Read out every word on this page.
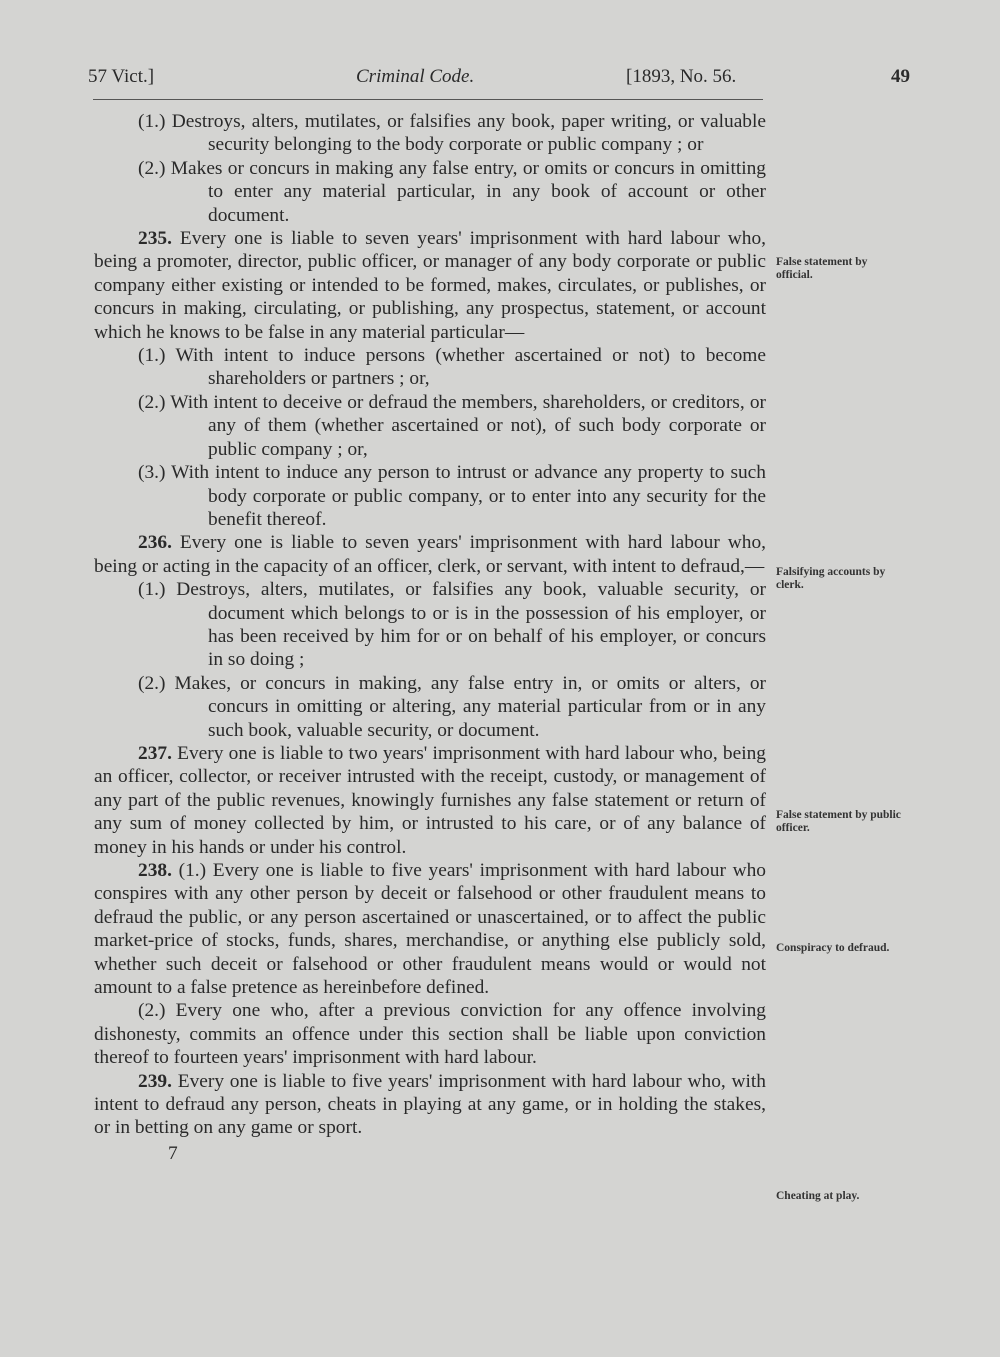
57 Vict.]	Criminal Code.	[1893, No. 56.	49

(1.) Destroys, alters, mutilates, or falsifies any book, paper writing, or valuable security belonging to the body corporate or public company ; or

(2.) Makes or concurs in making any false entry, or omits or concurs in omitting to enter any material particular, in any book of account or other document.

235. Every one is liable to seven years' imprisonment with hard labour who, being a promoter, director, public officer, or manager of any body corporate or public company either existing or intended to be formed, makes, circulates, or publishes, or concurs in making, circulating, or publishing, any prospectus, statement, or account which he knows to be false in any material particular—

(1.) With intent to induce persons (whether ascertained or not) to become shareholders or partners ; or,

(2.) With intent to deceive or defraud the members, shareholders, or creditors, or any of them (whether ascertained or not), of such body corporate or public company ; or,

(3.) With intent to induce any person to intrust or advance any property to such body corporate or public company, or to enter into any security for the benefit thereof.

236. Every one is liable to seven years' imprisonment with hard labour who, being or acting in the capacity of an officer, clerk, or servant, with intent to defraud,—

(1.) Destroys, alters, mutilates, or falsifies any book, valuable security, or document which belongs to or is in the possession of his employer, or has been received by him for or on behalf of his employer, or concurs in so doing ;

(2.) Makes, or concurs in making, any false entry in, or omits or alters, or concurs in omitting or altering, any material particular from or in any such book, valuable security, or document.

237. Every one is liable to two years' imprisonment with hard labour who, being an officer, collector, or receiver intrusted with the receipt, custody, or management of any part of the public revenues, knowingly furnishes any false statement or return of any sum of money collected by him, or intrusted to his care, or of any balance of money in his hands or under his control.

238. (1.) Every one is liable to five years' imprisonment with hard labour who conspires with any other person by deceit or falsehood or other fraudulent means to defraud the public, or any person ascertained or unascertained, or to affect the public market-price of stocks, funds, shares, merchandise, or anything else publicly sold, whether such deceit or falsehood or other fraudulent means would or would not amount to a false pretence as hereinbefore defined.

(2.) Every one who, after a previous conviction for any offence involving dishonesty, commits an offence under this section shall be liable upon conviction thereof to fourteen years' imprisonment with hard labour.

239. Every one is liable to five years' imprisonment with hard labour who, with intent to defraud any person, cheats in playing at any game, or in holding the stakes, or in betting on any game or sport.

7

False statement by official.
Falsifying accounts by clerk.
False statement by public officer.
Conspiracy to defraud.
Cheating at play.
